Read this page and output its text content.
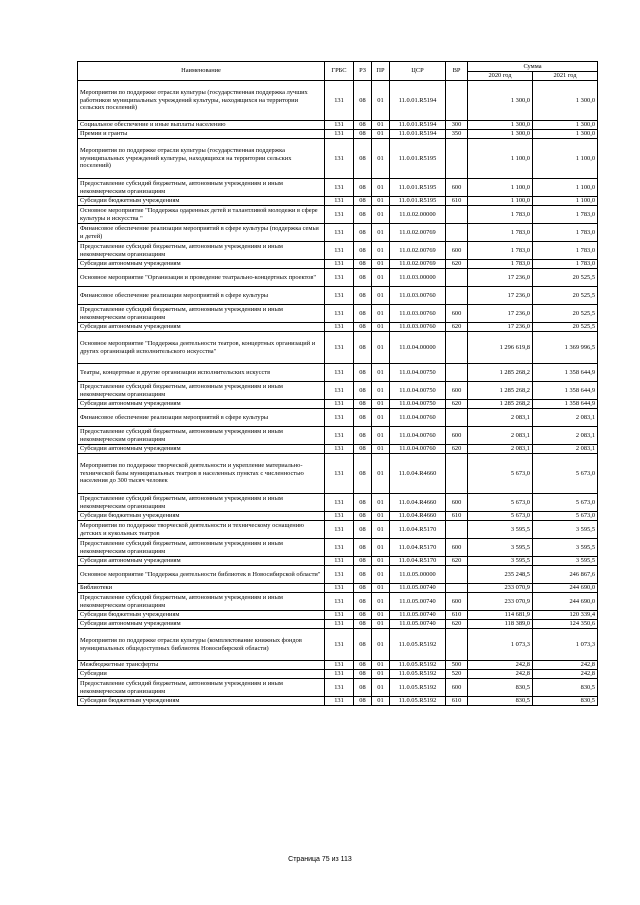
Наименование	ГРБС	РЗ	ПР	ЦСР	ВР	Сумма	
						2020 год	2021 год
Мероприятия по поддержке отрасли культуры (государственная поддержка лучших работников муниципальных учреждений культуры, находящихся на территории сельских поселений)	131	08	01	11.0.01.R5194		1 300,0	1 300,0
Социальное обеспечение и иные выплаты населению	131	08	01	11.0.01.R5194	300	1 300,0	1 300,0
Премии и гранты	131	08	01	11.0.01.R5194	350	1 300,0	1 300,0
Мероприятия по поддержке отрасли культуры (государственная поддержка муниципальных учреждений культуры, находящихся на территории сельских поселений)	131	08	01	11.0.01.R5195		1 100,0	1 100,0
Предоставление субсидий бюджетным, автономным учреждениям и иным некоммерческим организациям	131	08	01	11.0.01.R5195	600	1 100,0	1 100,0
Субсидии бюджетным учреждениям	131	08	01	11.0.01.R5195	610	1 100,0	1 100,0
Основное мероприятие "Поддержка одаренных детей и талантливой молодежи в сфере культуры и искусства "	131	08	01	11.0.02.00000		1 783,0	1 783,0
Финансовое обеспечение реализации мероприятий в сфере культуры (поддержка семьи и детей)	131	08	01	11.0.02.00769		1 783,0	1 783,0
Предоставление субсидий бюджетным, автономным учреждениям и иным некоммерческим организациям	131	08	01	11.0.02.00769	600	1 783,0	1 783,0
Субсидии автономным учреждениям	131	08	01	11.0.02.00769	620	1 783,0	1 783,0
Основное мероприятие "Организация и проведение театрально-концертных проектов"	131	08	01	11.0.03.00000		17 236,0	20 525,5
Финансовое обеспечение реализации мероприятий в сфере культуры	131	08	01	11.0.03.00760		17 236,0	20 525,5
Предоставление субсидий бюджетным, автономным учреждениям и иным некоммерческим организациям	131	08	01	11.0.03.00760	600	17 236,0	20 525,5
Субсидии автономным учреждениям	131	08	01	11.0.03.00760	620	17 236,0	20 525,5
Основное мероприятие "Поддержка деятельности театров, концертных организаций и других организаций исполнительского искусства"	131	08	01	11.0.04.00000		1 296 619,8	1 369 996,5
Театры, концертные и другие организации исполнительских искусств	131	08	01	11.0.04.00750		1 285 268,2	1 358 644,9
Предоставление субсидий бюджетным, автономным учреждениям и иным некоммерческим организациям	131	08	01	11.0.04.00750	600	1 285 268,2	1 358 644,9
Субсидии автономным учреждениям	131	08	01	11.0.04.00750	620	1 285 268,2	1 358 644,9
Финансовое обеспечение реализации мероприятий в сфере культуры	131	08	01	11.0.04.00760		2 083,1	2 083,1
Предоставление субсидий бюджетным, автономным учреждениям и иным некоммерческим организациям	131	08	01	11.0.04.00760	600	2 083,1	2 083,1
Субсидии автономным учреждениям	131	08	01	11.0.04.00760	620	2 083,1	2 083,1
Мероприятия по поддержке творческой деятельности и укрепление материально-технической базы муниципальных театров в населенных пунктах с численностью населения до 300 тысяч человек	131	08	01	11.0.04.R4660		5 673,0	5 673,0
Предоставление субсидий бюджетным, автономным учреждениям и иным некоммерческим организациям	131	08	01	11.0.04.R4660	600	5 673,0	5 673,0
Субсидии бюджетным учреждениям	131	08	01	11.0.04.R4660	610	5 673,0	5 673,0
Мероприятия по поддержке творческой деятельности и техническому оснащению детских и кукольных театров	131	08	01	11.0.04.R5170		3 595,5	3 595,5
Предоставление субсидий бюджетным, автономным учреждениям и иным некоммерческим организациям	131	08	01	11.0.04.R5170	600	3 595,5	3 595,5
Субсидии автономным учреждениям	131	08	01	11.0.04.R5170	620	3 595,5	3 595,5
Основное мероприятие "Поддержка деятельности библиотек в Новосибирской области"	131	08	01	11.0.05.00000		235 248,5	246 867,6
Библиотеки	131	08	01	11.0.05.00740		233 070,9	244 690,0
Предоставление субсидий бюджетным, автономным учреждениям и иным некоммерческим организациям	131	08	01	11.0.05.00740	600	233 070,9	244 690,0
Субсидии бюджетным учреждениям	131	08	01	11.0.05.00740	610	114 681,9	120 339,4
Субсидии автономным учреждениям	131	08	01	11.0.05.00740	620	118 389,0	124 350,6
Мероприятия по поддержке отрасли культуры (комплектование книжных фондов муниципальных общедоступных библиотек Новосибирской области)	131	08	01	11.0.05.R5192		1 073,3	1 073,3
Межбюджетные трансферты	131	08	01	11.0.05.R5192	500	242,8	242,8
Субсидии	131	08	01	11.0.05.R5192	520	242,8	242,8
Предоставление субсидий бюджетным, автономным учреждениям и иным некоммерческим организациям	131	08	01	11.0.05.R5192	600	830,5	830,5
Субсидии бюджетным учреждениям	131	08	01	11.0.05.R5192	610	830,5	830,5
Страница 75 из 113
